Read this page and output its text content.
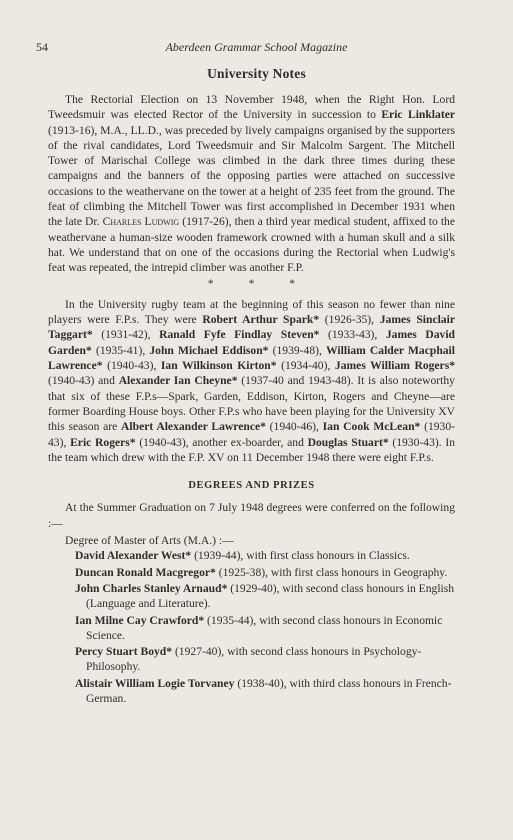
54	Aberdeen Grammar School Magazine
University Notes

The Rectorial Election on 13 November 1948, when the Right Hon. Lord Tweedsmuir was elected Rector of the University in succession to Eric Linklater (1913-16), M.A., LL.D., was preceded by lively campaigns organised by the supporters of the rival candidates, Lord Tweedsmuir and Sir Malcolm Sargent. The Mitchell Tower of Marischal College was climbed in the dark three times during these campaigns and the banners of the opposing parties were attached on successive occasions to the weathervane on the tower at a height of 235 feet from the ground. The feat of climbing the Mitchell Tower was first accomplished in December 1931 when the late Dr. Charles Ludwig (1917-26), then a third year medical student, affixed to the weathervane a human-size wooden framework crowned with a human skull and a silk hat. We understand that on one of the occasions during the Rectorial when Ludwig's feat was repeated, the intrepid climber was another F.P.

* * *

In the University rugby team at the beginning of this season no fewer than nine players were F.P.s. They were Robert Arthur Spark* (1926-35), James Sinclair Taggart* (1931-42), Ranald Fyfe Findlay Steven* (1933-43), James David Garden* (1935-41), John Michael Eddison* (1939-48), William Calder Macphail Lawrence* (1940-43), Ian Wilkinson Kirton* (1934-40), James William Rogers* (1940-43) and Alexander Ian Cheyne* (1937-40 and 1943-48). It is also noteworthy that six of these F.P.s—Spark, Garden, Eddison, Kirton, Rogers and Cheyne—are former Boarding House boys. Other F.P.s who have been playing for the University XV this season are Albert Alexander Lawrence* (1940-46), Ian Cook McLean* (1930-43), Eric Rogers* (1940-43), another ex-boarder, and Douglas Stuart* (1930-43). In the team which drew with the F.P. XV on 11 December 1948 there were eight F.P.s.

DEGREES AND PRIZES

At the Summer Graduation on 7 July 1948 degrees were conferred on the following :—

Degree of Master of Arts (M.A.) :—
David Alexander West* (1939-44), with first class honours in Classics.
Duncan Ronald Macgregor* (1925-38), with first class honours in Geography.
John Charles Stanley Arnaud* (1929-40), with second class honours in English (Language and Literature).
Ian Milne Cay Crawford* (1935-44), with second class honours in Economic Science.
Percy Stuart Boyd* (1927-40), with second class honours in Psychology-Philosophy.
Alistair William Logie Torvaney (1938-40), with third class honours in French-German.
